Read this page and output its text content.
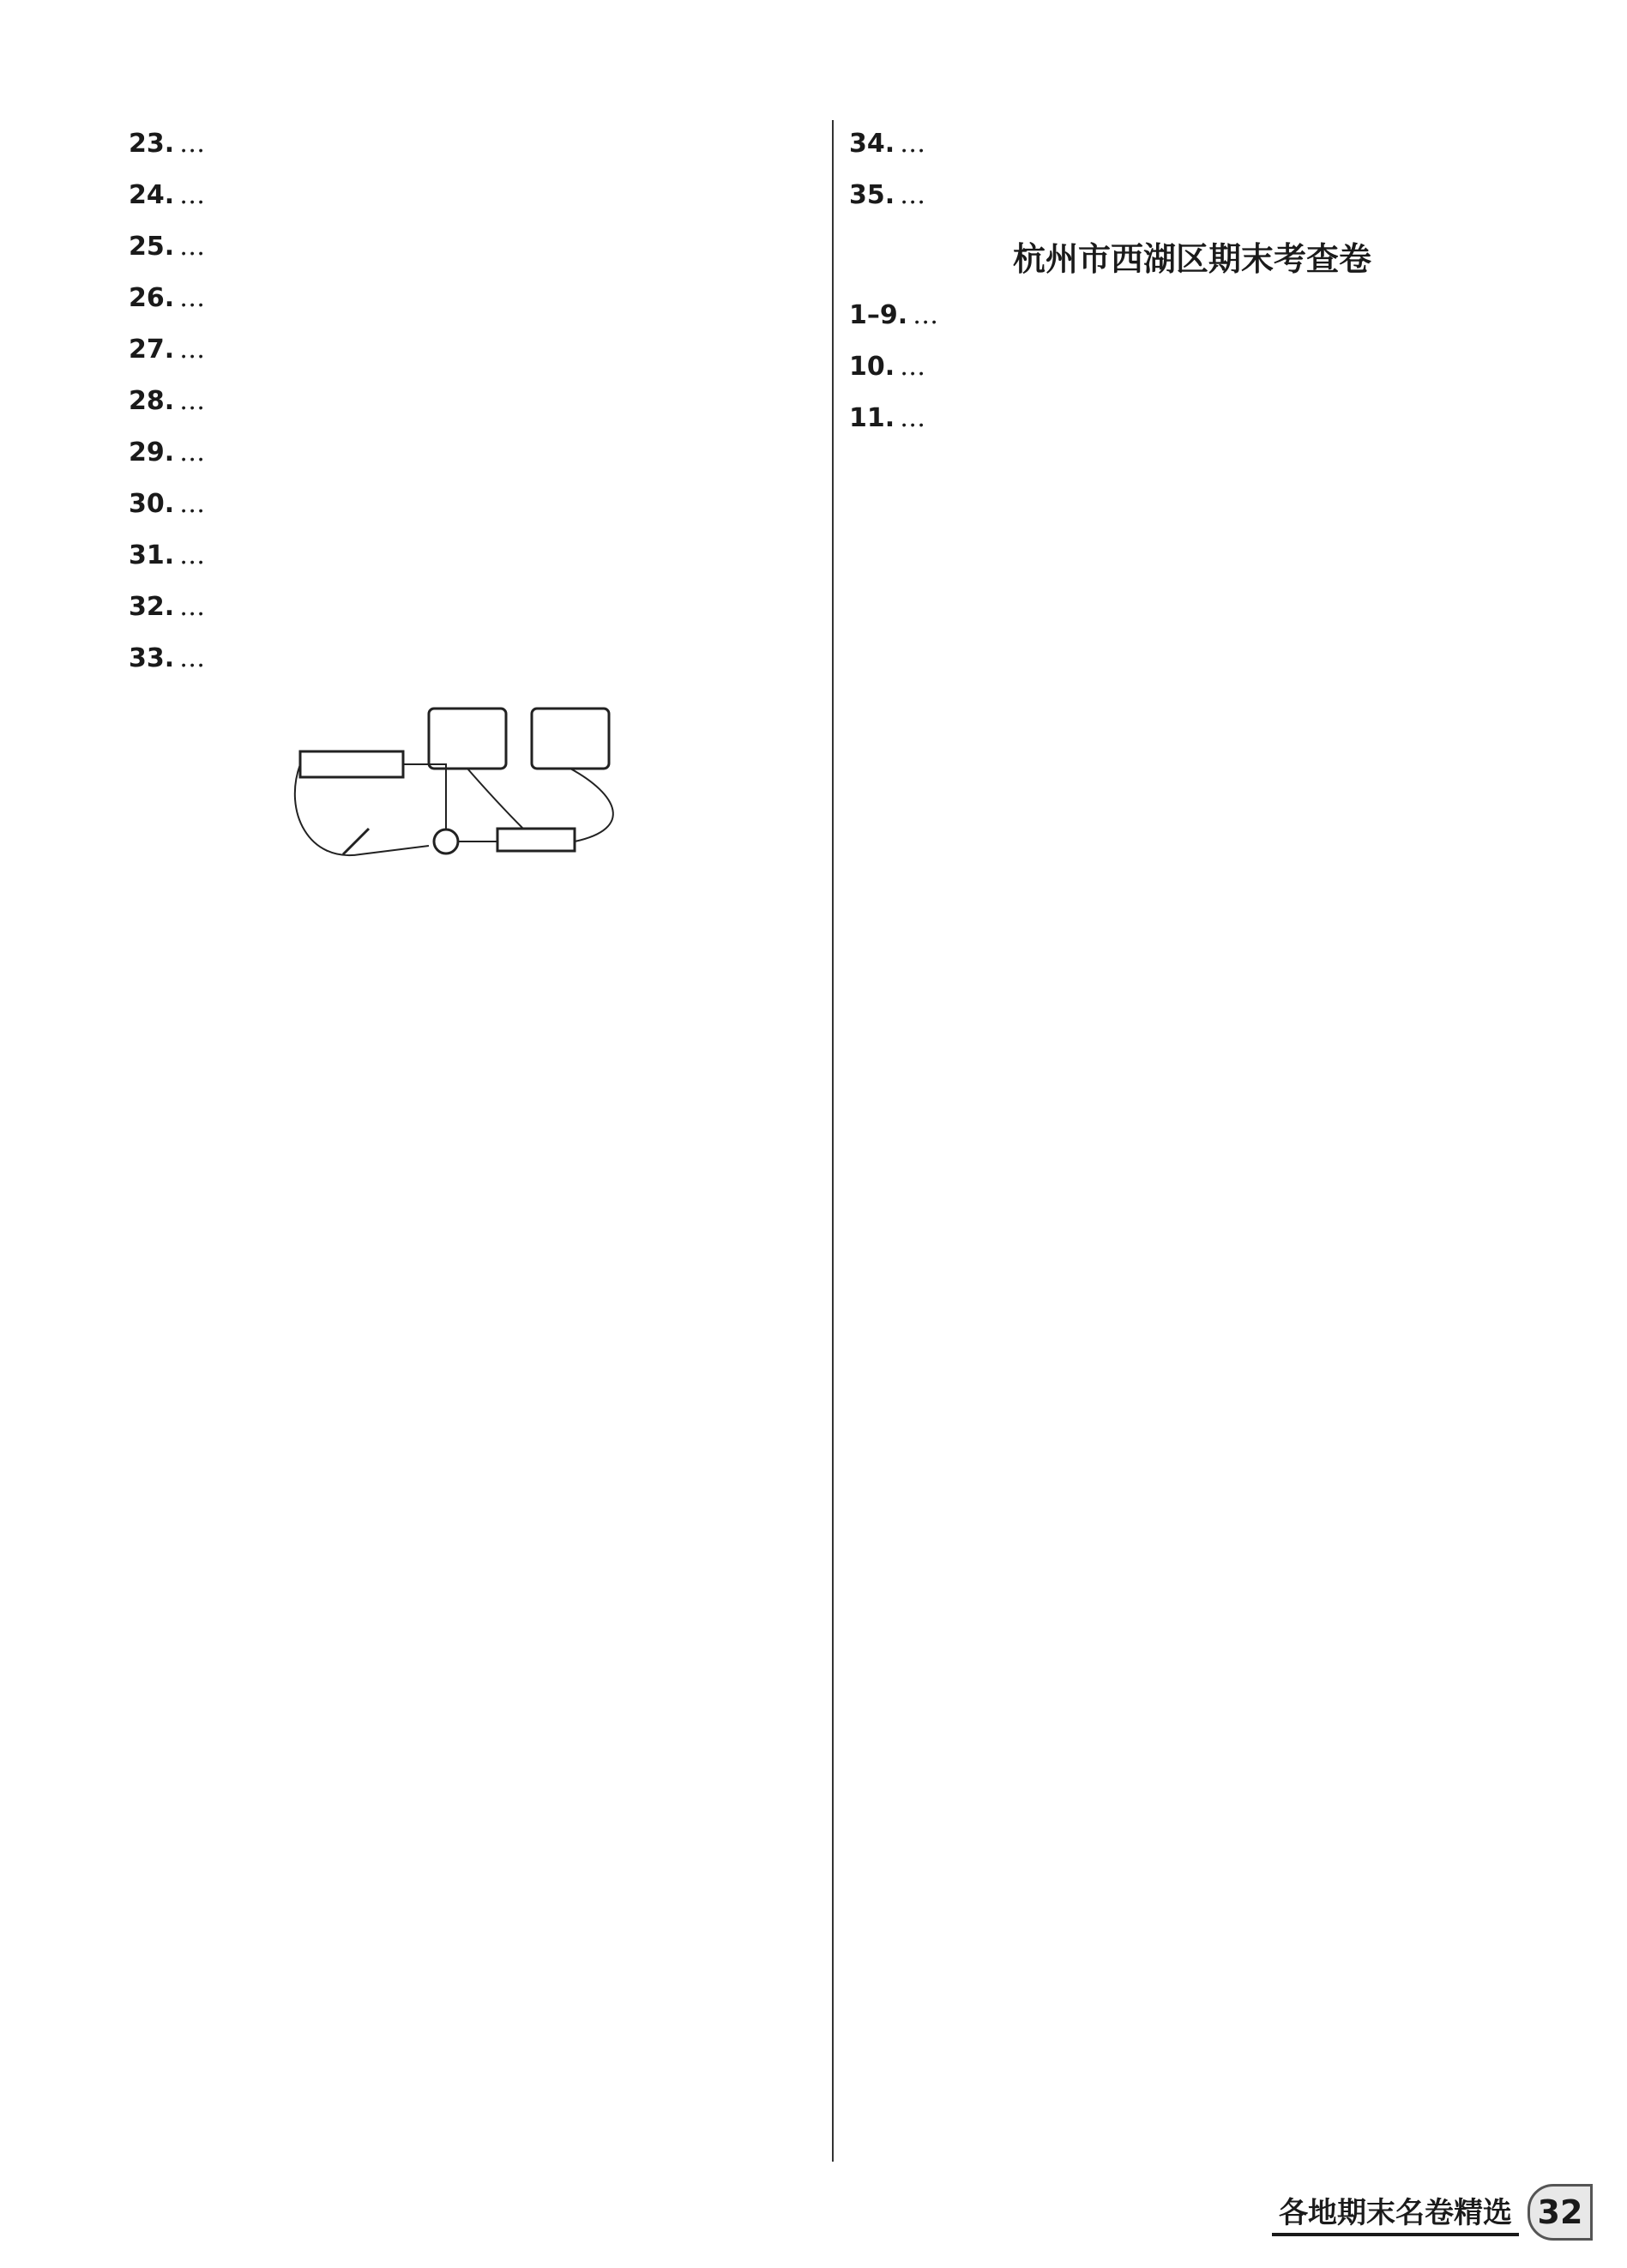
23. …
24. …
25. …
26. …
27. …
28. …
29. …
30. …
31. …
32. …
33. …
34. …
35. …
杭州市西湖区期末考查卷
1–9. …
10. …
11. …
各地期末名卷精选 32
